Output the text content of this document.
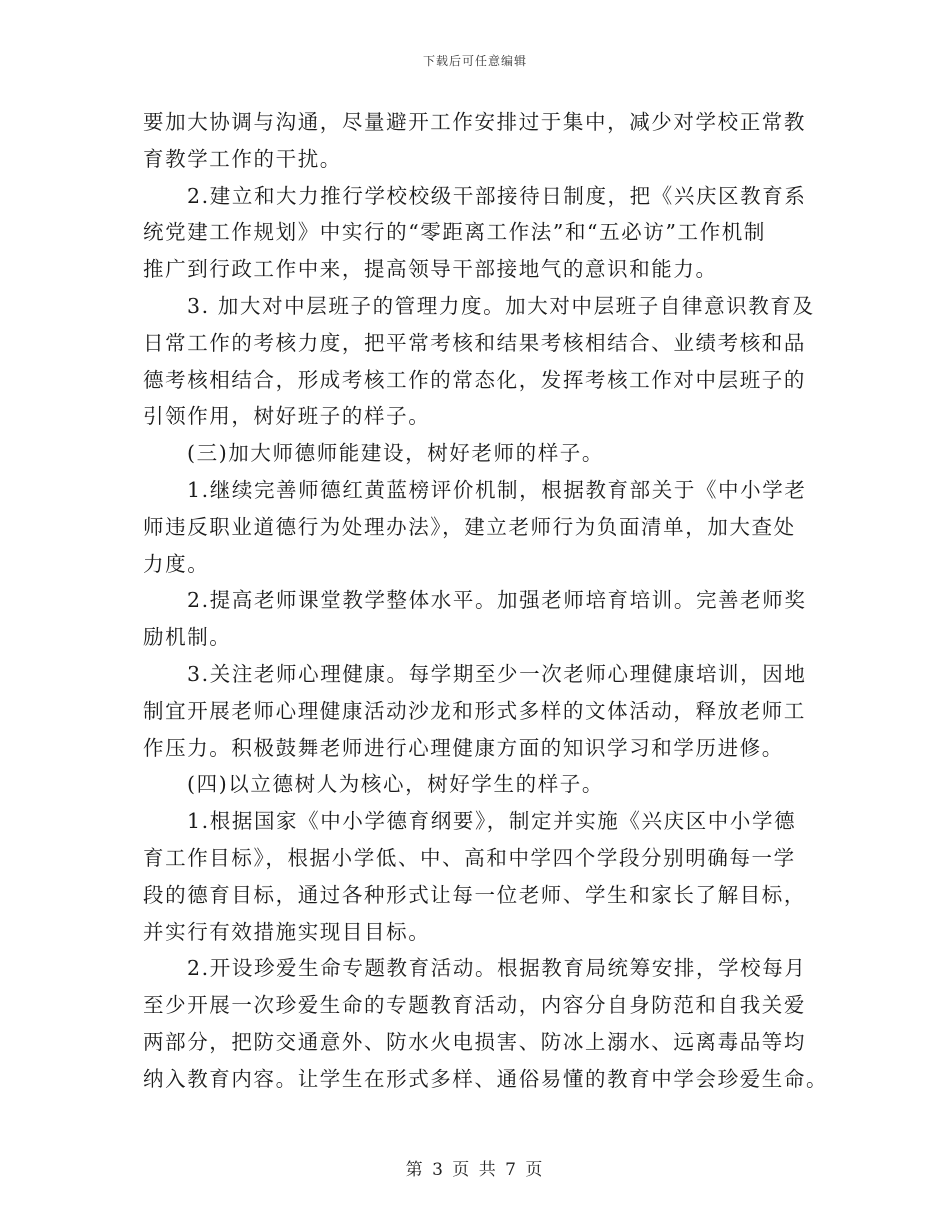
下载后可任意编辑
要加大协调与沟通，尽量避开工作安排过于集中，减少对学校正常教
育教学工作的干扰。
2.建立和大力推行学校校级干部接待日制度，把《兴庆区教育系
统党建工作规划》中实行的“零距离工作法”和“五必访”工作机制
推广到行政工作中来，提高领导干部接地气的意识和能力。
3. 加大对中层班子的管理力度。加大对中层班子自律意识教育及
日常工作的考核力度，把平常考核和结果考核相结合、业绩考核和品
德考核相结合，形成考核工作的常态化，发挥考核工作对中层班子的
引领作用，树好班子的样子。
(三)加大师德师能建设，树好老师的样子。
1.继续完善师德红黄蓝榜评价机制，根据教育部关于《中小学老
师违反职业道德行为处理办法》，建立老师行为负面清单，加大查处
力度。
2.提高老师课堂教学整体水平。加强老师培育培训。完善老师奖
励机制。
3.关注老师心理健康。每学期至少一次老师心理健康培训，因地
制宜开展老师心理健康活动沙龙和形式多样的文体活动，释放老师工
作压力。积极鼓舞老师进行心理健康方面的知识学习和学历进修。
(四)以立德树人为核心，树好学生的样子。
1.根据国家《中小学德育纲要》，制定并实施《兴庆区中小学德
育工作目标》，根据小学低、中、高和中学四个学段分别明确每一学
段的德育目标，通过各种形式让每一位老师、学生和家长了解目标，
并实行有效措施实现目目标。
2.开设珍爱生命专题教育活动。根据教育局统筹安排，学校每月
至少开展一次珍爱生命的专题教育活动，内容分自身防范和自我关爱
两部分，把防交通意外、防水火电损害、防冰上溺水、远离毒品等均
纳入教育内容。让学生在形式多样、通俗易懂的教育中学会珍爱生命。
第 3 页 共 7 页
